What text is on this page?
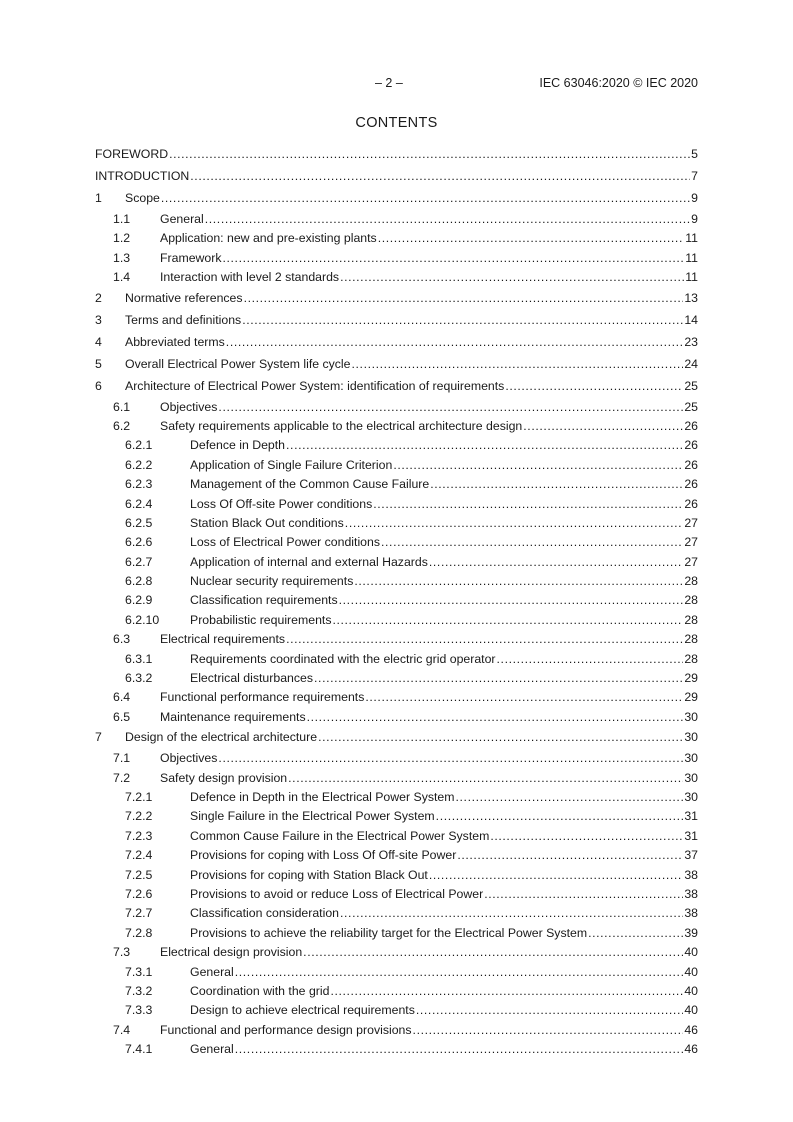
– 2 –	IEC 63046:2020 © IEC 2020
CONTENTS
FOREWORD .....	5
INTRODUCTION .....	7
1	Scope .....	9
1.1	General .....	9
1.2	Application: new and pre-existing plants .....	11
1.3	Framework .....	11
1.4	Interaction with level 2 standards .....	11
2	Normative references .....	13
3	Terms and definitions .....	14
4	Abbreviated terms .....	23
5	Overall Electrical Power System life cycle .....	24
6	Architecture of Electrical Power System: identification of requirements .....	25
6.1	Objectives .....	25
6.2	Safety requirements applicable to the electrical architecture design .....	26
6.2.1	Defence in Depth .....	26
6.2.2	Application of Single Failure Criterion .....	26
6.2.3	Management of the Common Cause Failure .....	26
6.2.4	Loss Of Off-site Power conditions .....	26
6.2.5	Station Black Out conditions .....	27
6.2.6	Loss of Electrical Power conditions .....	27
6.2.7	Application of internal and external Hazards .....	27
6.2.8	Nuclear security requirements .....	28
6.2.9	Classification requirements .....	28
6.2.10	Probabilistic requirements .....	28
6.3	Electrical requirements .....	28
6.3.1	Requirements coordinated with the electric grid operator .....	28
6.3.2	Electrical disturbances .....	29
6.4	Functional performance requirements .....	29
6.5	Maintenance requirements .....	30
7	Design of the electrical architecture .....	30
7.1	Objectives .....	30
7.2	Safety design provision .....	30
7.2.1	Defence in Depth in the Electrical Power System .....	30
7.2.2	Single Failure in the Electrical Power System .....	31
7.2.3	Common Cause Failure in the Electrical Power System .....	31
7.2.4	Provisions for coping with Loss Of Off-site Power .....	37
7.2.5	Provisions for coping with Station Black Out .....	38
7.2.6	Provisions to avoid or reduce Loss of Electrical Power .....	38
7.2.7	Classification consideration .....	38
7.2.8	Provisions to achieve the reliability target for the Electrical Power System .....	39
7.3	Electrical design provision .....	40
7.3.1	General .....	40
7.3.2	Coordination with the grid .....	40
7.3.3	Design to achieve electrical requirements .....	40
7.4	Functional and performance design provisions .....	46
7.4.1	General .....	46
